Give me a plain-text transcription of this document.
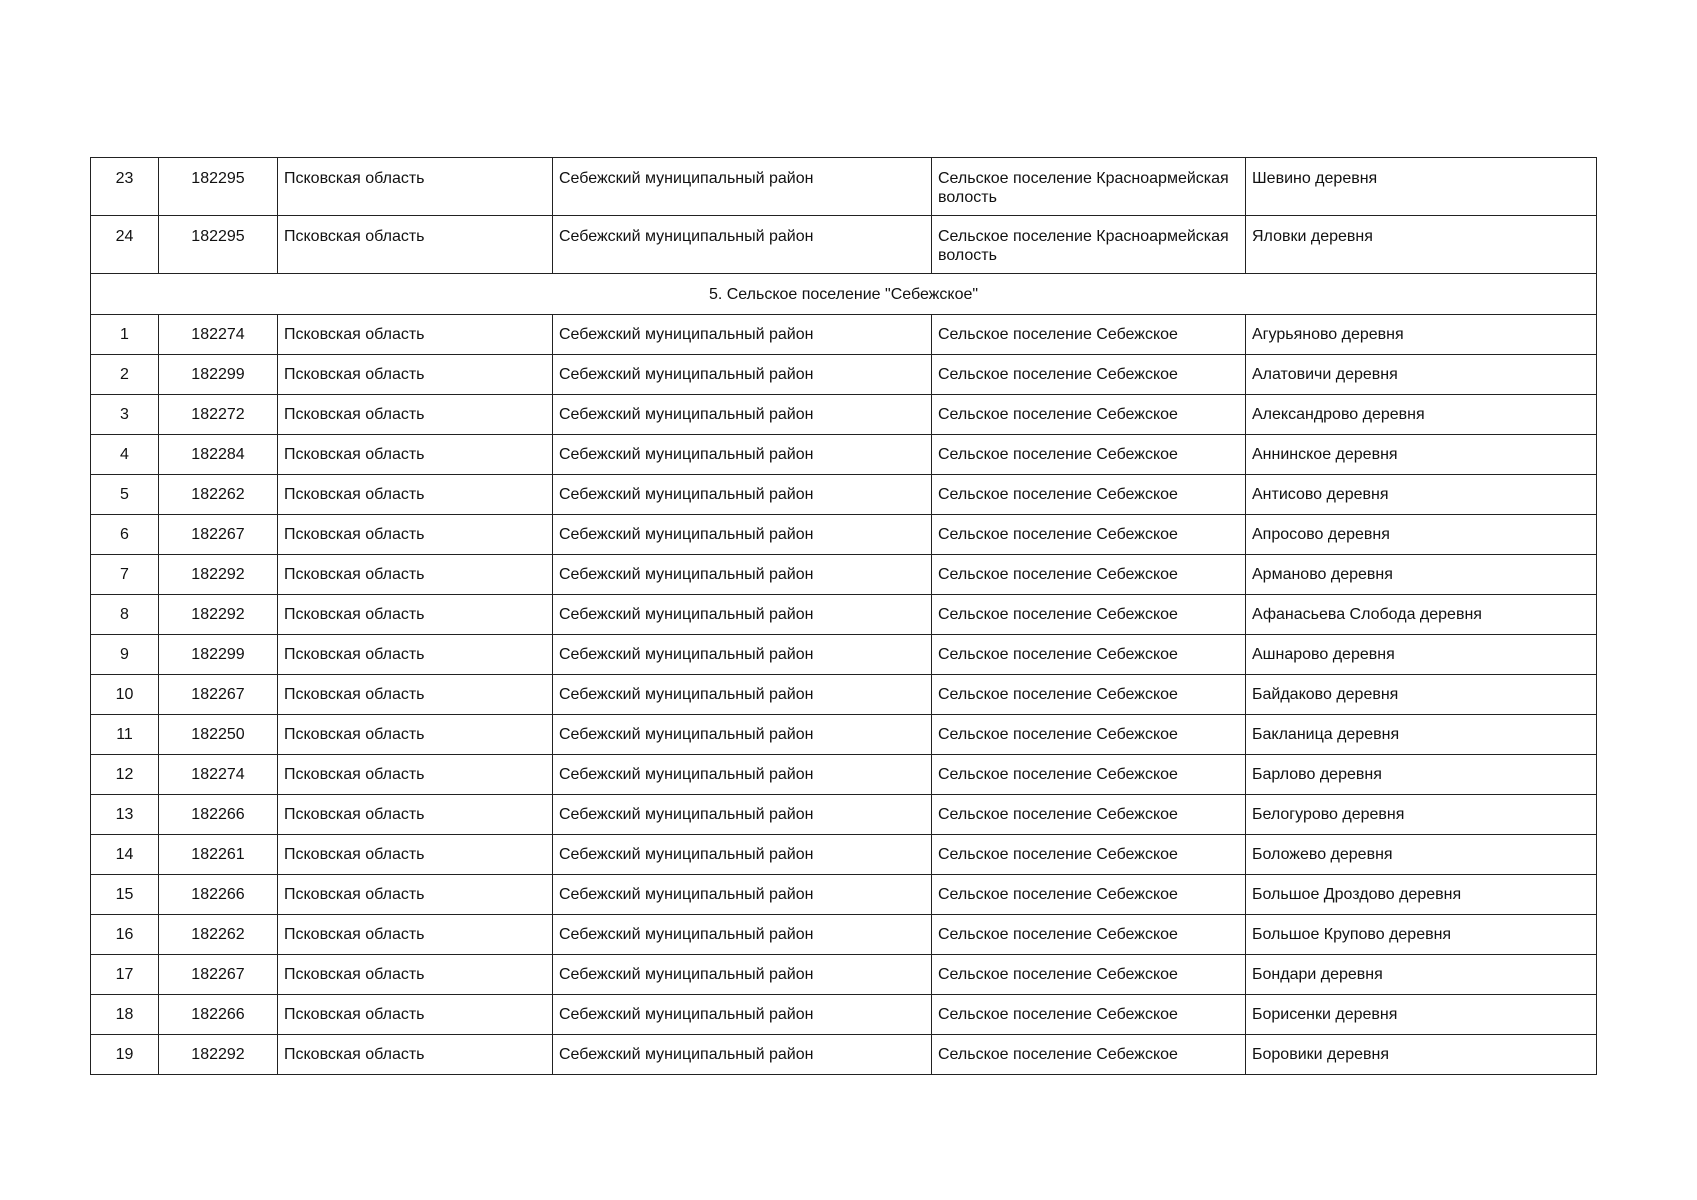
23	182295	Псковская область	Себежский муниципальный район	Сельское поселение Красноармейская волость	Шевино деревня
24	182295	Псковская область	Себежский муниципальный район	Сельское поселение Красноармейская волость	Яловки деревня
5. Сельское поселение "Себежское"					
1	182274	Псковская область	Себежский муниципальный район	Сельское поселение Себежское	Агурьяново деревня
2	182299	Псковская область	Себежский муниципальный район	Сельское поселение Себежское	Алатовичи деревня
3	182272	Псковская область	Себежский муниципальный район	Сельское поселение Себежское	Александрово деревня
4	182284	Псковская область	Себежский муниципальный район	Сельское поселение Себежское	Аннинское деревня
5	182262	Псковская область	Себежский муниципальный район	Сельское поселение Себежское	Антисово деревня
6	182267	Псковская область	Себежский муниципальный район	Сельское поселение Себежское	Апросово деревня
7	182292	Псковская область	Себежский муниципальный район	Сельское поселение Себежское	Арманово деревня
8	182292	Псковская область	Себежский муниципальный район	Сельское поселение Себежское	Афанасьева Слобода деревня
9	182299	Псковская область	Себежский муниципальный район	Сельское поселение Себежское	Ашнарово деревня
10	182267	Псковская область	Себежский муниципальный район	Сельское поселение Себежское	Байдаково деревня
11	182250	Псковская область	Себежский муниципальный район	Сельское поселение Себежское	Бакланица деревня
12	182274	Псковская область	Себежский муниципальный район	Сельское поселение Себежское	Барлово деревня
13	182266	Псковская область	Себежский муниципальный район	Сельское поселение Себежское	Белогурово деревня
14	182261	Псковская область	Себежский муниципальный район	Сельское поселение Себежское	Боложево деревня
15	182266	Псковская область	Себежский муниципальный район	Сельское поселение Себежское	Большое Дроздово деревня
16	182262	Псковская область	Себежский муниципальный район	Сельское поселение Себежское	Большое Крупово деревня
17	182267	Псковская область	Себежский муниципальный район	Сельское поселение Себежское	Бондари деревня
18	182266	Псковская область	Себежский муниципальный район	Сельское поселение Себежское	Борисенки деревня
19	182292	Псковская область	Себежский муниципальный район	Сельское поселение Себежское	Боровики деревня
